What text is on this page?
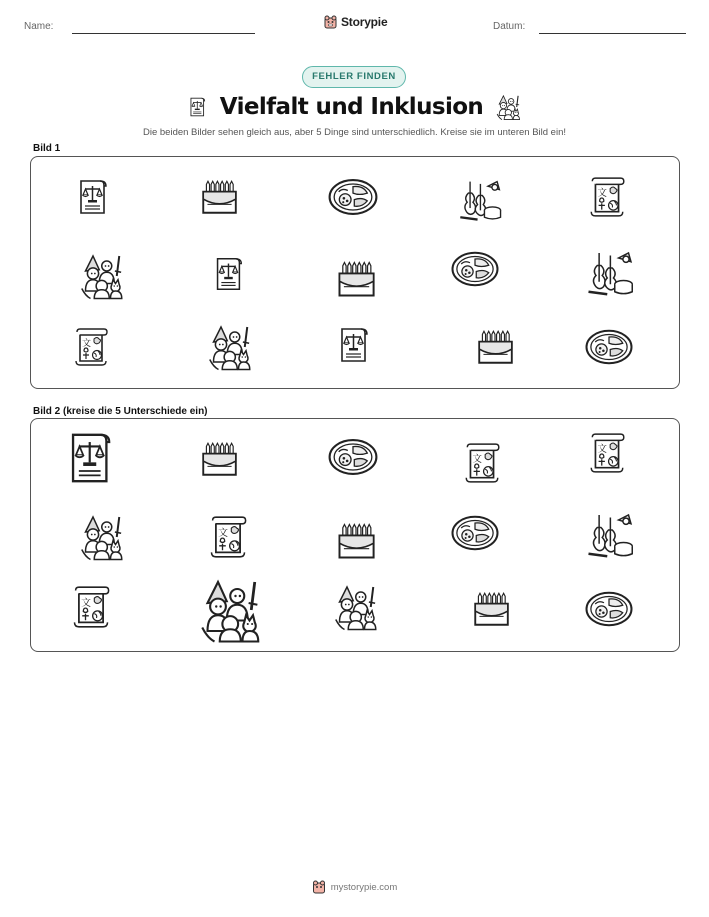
Name:	Storypie	Datum:
FEHLER FINDEN
Vielfalt und Inklusion
Die beiden Bilder sehen gleich aus, aber 5 Dinge sind unterschiedlich. Kreise sie im unteren Bild ein!
Bild 1
Bild 2 (kreise die 5 Unterschiede ein)
mystorypie.com
